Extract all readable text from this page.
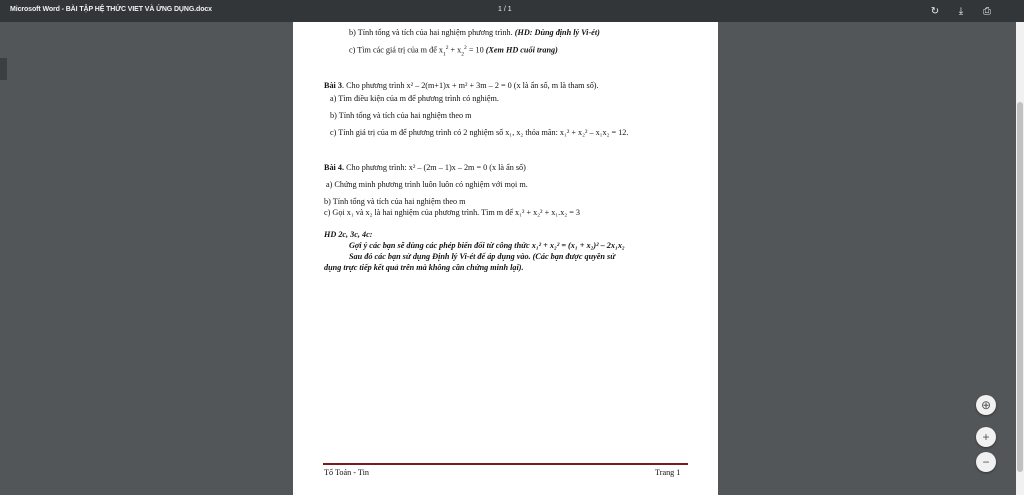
Microsoft Word - BÀI TẬP HỆ THỨC VIET VÀ ỨNG DỤNG.docx	1 / 1	↻	⤓	⎙
b) Tính tổng và tích của hai nghiệm phương trình. (HD: Dùng định lý Vi-ét)
c) Tìm các giá trị của m để $x_1^2 + x_2^2 = 10$ (Xem HD cuối trang)
Bài 3. Cho phương trình x² – 2(m+1)x + m² + 3m – 2 = 0 (x là ẩn số, m là tham số).
a) Tìm điều kiện của m để phương trình có nghiệm.
b) Tính tổng và tích của hai nghiệm theo m
c) Tính giá trị của m để phương trình có 2 nghiệm số x₁, x₂ thỏa mãn: x₁² + x₂² – x₁x₂ = 12.
Bài 4. Cho phương trình: x² – (2m – 1)x – 2m = 0 (x là ẩn số)
a) Chứng minh phương trình luôn luôn có nghiệm với mọi m.
b) Tính tổng và tích của hai nghiệm theo m
c) Gọi x₁ và x₂ là hai nghiệm của phương trình. Tìm m để x₁² + x₂² + x₁.x₂ = 3
HD 2c, 3c, 4c:
Gợi ý các bạn sẽ dùng các phép biến đổi từ công thức x₁² + x₂² = (x₁ + x₂)² – 2x₁x₂
Sau đó các bạn sử dụng Định lý Vi-ét để áp dụng vào. (Các bạn được quyền sử
dụng trực tiếp kết quả trên mà không cần chứng minh lại).
Tổ Toán - Tin	Trang 1
⊕
+
−
